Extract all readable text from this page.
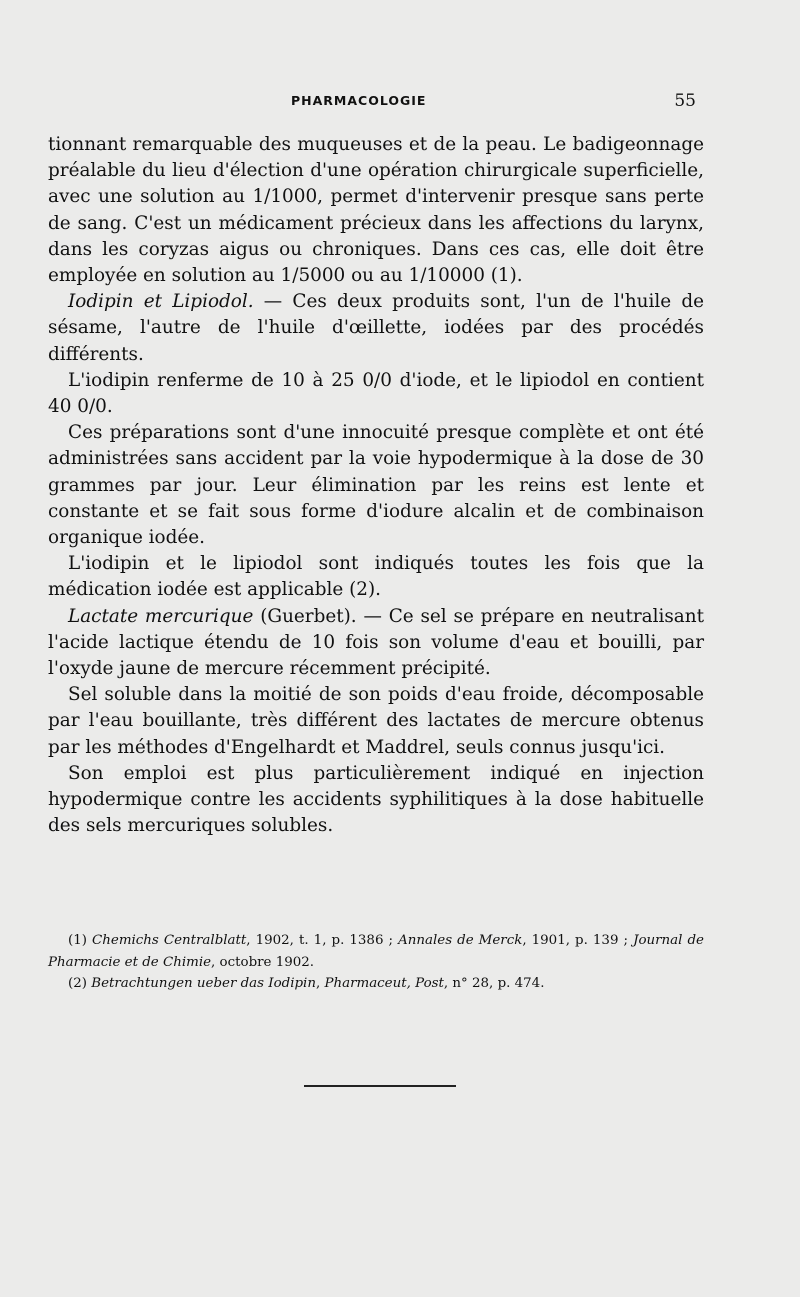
PHARMACOLOGIE	55

tionnant remarquable des muqueuses et de la peau. Le badigeonnage préalable du lieu d'élection d'une opération chirurgicale superficielle, avec une solution au 1/1000, permet d'intervenir presque sans perte de sang. C'est un médicament précieux dans les affections du larynx, dans les coryzas aigus ou chroniques. Dans ces cas, elle doit être employée en solution au 1/5000 ou au 1/10000 (1).

Iodipin et Lipiodol. — Ces deux produits sont, l'un de l'huile de sésame, l'autre de l'huile d'œillette, iodées par des procédés différents.

L'iodipin renferme de 10 à 25 0/0 d'iode, et le lipiodol en contient 40 0/0.

Ces préparations sont d'une innocuité presque complète et ont été administrées sans accident par la voie hypodermique à la dose de 30 grammes par jour. Leur élimination par les reins est lente et constante et se fait sous forme d'iodure alcalin et de combinaison organique iodée.

L'iodipin et le lipiodol sont indiqués toutes les fois que la médication iodée est applicable (2).

Lactate mercurique (Guerbet). — Ce sel se prépare en neutralisant l'acide lactique étendu de 10 fois son volume d'eau et bouilli, par l'oxyde jaune de mercure récemment précipité.

Sel soluble dans la moitié de son poids d'eau froide, décomposable par l'eau bouillante, très différent des lactates de mercure obtenus par les méthodes d'Engelhardt et Maddrel, seuls connus jusqu'ici.

Son emploi est plus particulièrement indiqué en injection hypodermique contre les accidents syphilitiques à la dose habituelle des sels mercuriques solubles.

(1) Chemichs Centralblatt, 1902, t. 1, p. 1386 ; Annales de Merck, 1901, p. 139 ; Journal de Pharmacie et de Chimie, octobre 1902.

(2) Betrachtungen ueber das Iodipin, Pharmaceut, Post, n° 28, p. 474.
